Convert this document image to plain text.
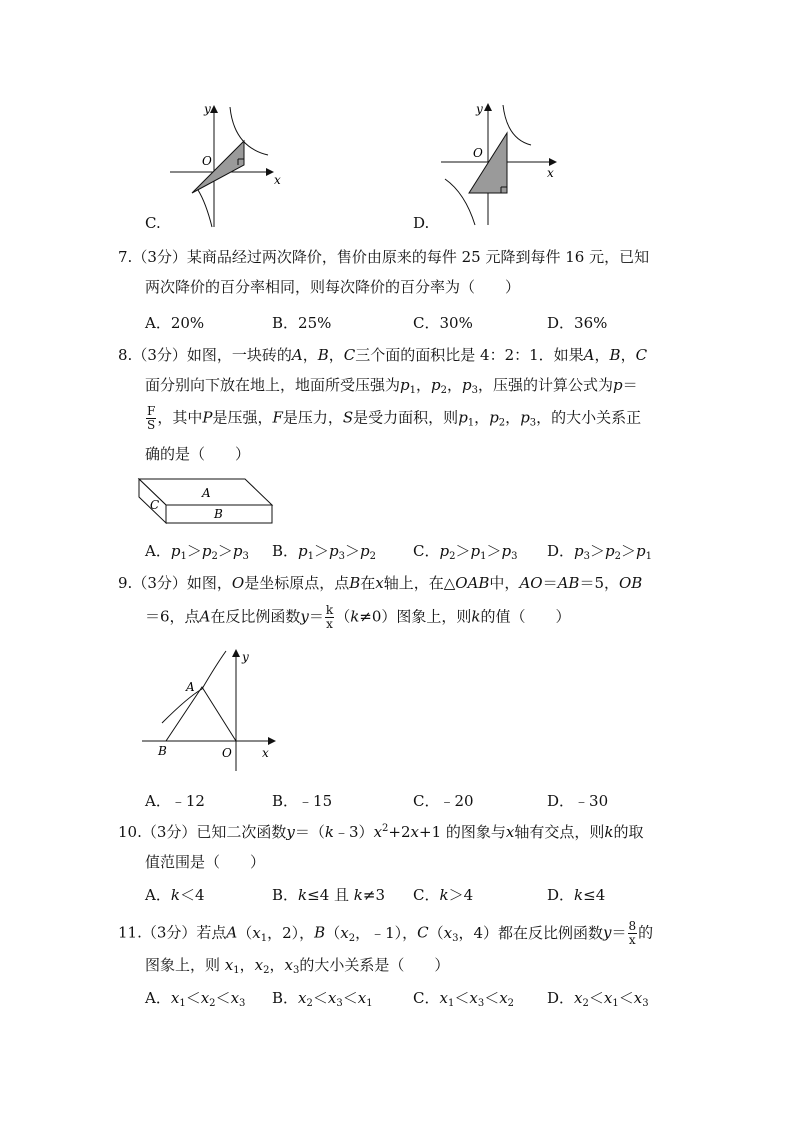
y
x
O
C.
y
x
O
D.
7.（3分）某商品经过两次降价，售价由原来的每件 25 元降到每件 16 元，已知
两次降价的百分率相同，则每次降价的百分率为（　　）
A．20%	B．25%	C．30%	D．36%
8.（3分）如图，一块砖的A，B，C三个面的面积比是 4：2：1．如果A，B，C
面分别向下放在地上，地面所受压强为$p_1$，$p_2$，$p_3$，压强的计算公式为p＝
$\frac{F}{S}$ ，其中P是压强，F是压力，S是受力面积，则$p_1$，$p_2$，$p_3$，的大小关系正
确的是（　　）
A
B
C
A．$p_1>p_2>p_3$ B．$p_1>p_3>p_2$ C．$p_2>p_1>p_3$ D．$p_3>p_2>p_1$
9.（3分）如图，O是坐标原点，点B在x轴上，在△OAB中，AO＝AB＝5，OB
＝6，点A在反比例函数$y= \frac{k}{x} (k\ne 0)$图象上，则k的值（　　）
A
B	O	x
y
A．﹣12	B．﹣15	C．﹣20	D．﹣30
10.（3分）已知二次函数$y=(k﹣3)x^2+2x+1$ 的图象与x轴有交点，则k的取
值范围是（　　）
A．k＜4	B．k≤4 且 k≠3 C．k＞4	D．k≤4
11.（3分）若点$A(x_1$，2），$B(x_2$，﹣1），$C(x_3$，4）都在反比例函数$y= \frac{8}{x}$ 的
图象上，则 $x_1$，$x_2$，$x_3$的大小关系是（　　）
A．$x_1<x_2<x_3$ B．$x_2<x_3<x_1$	C．$x_1<x_3<x_2$ D．$x_2<x_1<x_3$
